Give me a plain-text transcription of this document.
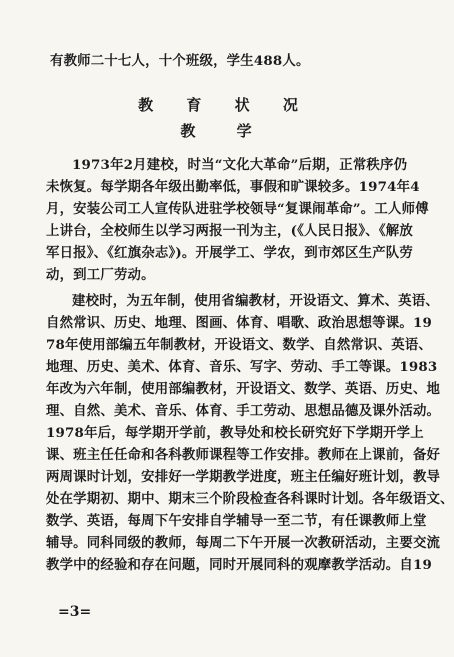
有教师二十七人，十个班级，学生488人。
教 育 状 况
教 学
1973年2月建校，时当“文化大革命”后期，正常秩序仍
未恢复。每学期各年级出勤率低，事假和旷课较多。1974年4
月，安装公司工人宣传队进驻学校领导“复课闹革命”。工人师傅
上讲台，全校师生以学习两报一刊为主，(《人民日报》、《解放
军日报》、《红旗杂志》)。开展学工、学农，到市郊区生产队劳
动，到工厂劳动。
建校时，为五年制，使用省编教材，开设语文、算术、英语、
自然常识、历史、地理、图画、体育、唱歌、政治思想等课。19
78年使用部编五年制教材，开设语文、数学、自然常识、英语、
地理、历史、美术、体育、音乐、写字、劳动、手工等课。1983
年改为六年制，使用部编教材，开设语文、数学、英语、历史、地
理、自然、美术、音乐、体育、手工劳动、思想品德及课外活动。
1978年后，每学期开学前，教导处和校长研究好下学期开学上
课、班主任任命和各科教师课程等工作安排。教师在上课前，备好
两周课时计划，安排好一学期教学进度，班主任编好班计划，教导
处在学期初、期中、期末三个阶段检查各科课时计划。各年级语文、
数学、英语，每周下午安排自学辅导一至二节，有任课教师上堂
辅导。同科同级的教师，每周二下午开展一次教研活动，主要交流
教学中的经验和存在问题，同时开展同科的观摩教学活动。自19
=3=
